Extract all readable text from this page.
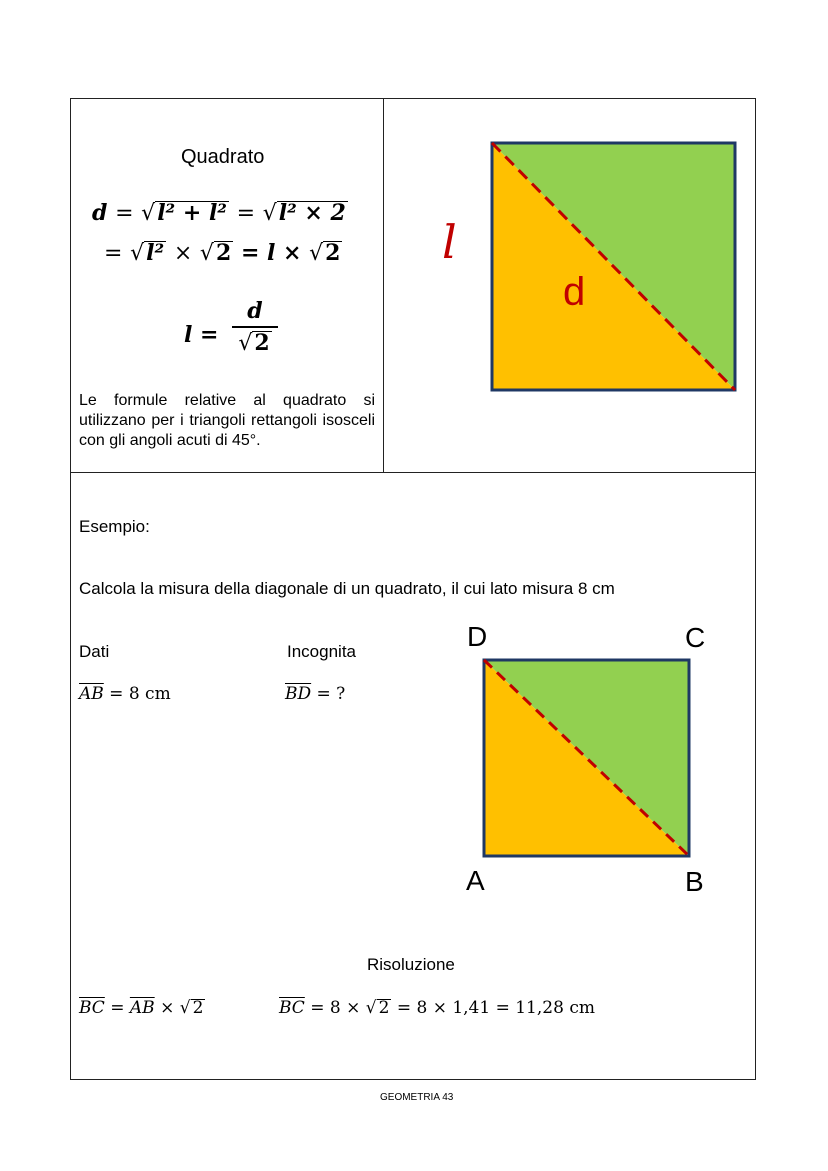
Quadrato
d = √l² + l² = √l² × 2
= √l² × √2 = l × √2
l =
d
√2
Le formule relative al quadrato si utilizzano per i triangoli rettangoli isosceli con gli angoli acuti di 45°.
d
l
Esempio:
Calcola la misura della diagonale di un quadrato, il cui lato misura 8 cm
Dati	Incognita
$\overline{AB} = 8$ cm	$\overline{BD}$ = ?
D	C
A	B
Risoluzione
$\overline{BC} = \overline{AB}$ × √ 2	$\overline{BC} = 8$ × √ 2 = 8 × 1,41 = 11,28 cm
GEOMETRIA 43
